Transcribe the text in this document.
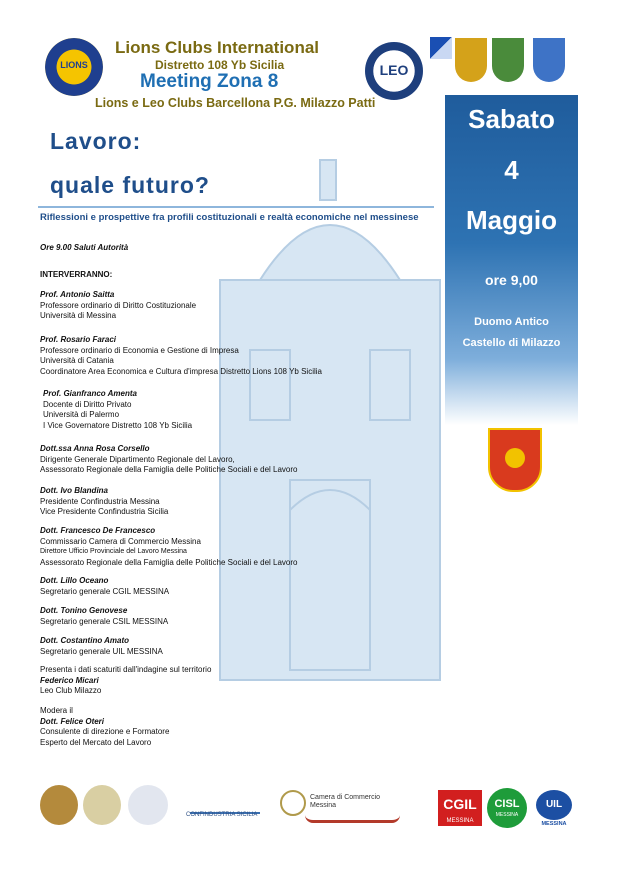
LIONS
Lions Clubs International
Distretto 108 Yb Sicilia
Meeting Zona 8
Lions e Leo Clubs Barcellona P.G. Milazzo Patti
LEO
Lavoro:
quale futuro?
Riflessioni e prospettive fra profili costituzionali e realtà economiche nel messinese
Ore 9.00 Saluti Autorità
INTERVERRANNO:
Prof. Antonio Saitta
Professore ordinario di Diritto Costituzionale
Università di Messina
Prof. Rosario Faraci
Professore ordinario di Economia e Gestione di Impresa
Università di Catania
Coordinatore Area Economica e Cultura d'impresa Distretto Lions 108 Yb Sicilia
Prof. Gianfranco Amenta
Docente di Diritto Privato
Università di Palermo
I Vice Governatore Distretto 108 Yb Sicilia
Dott.ssa Anna Rosa Corsello
Dirigente Generale Dipartimento Regionale del Lavoro,
Assessorato Regionale della Famiglia delle Politiche Sociali e del Lavoro
Dott. Ivo Blandina
Presidente Confindustria Messina
Vice Presidente Confindustria Sicilia
Dott. Francesco De Francesco
Commissario Camera di Commercio Messina
Direttore Ufficio Provinciale del Lavoro Messina
Assessorato Regionale della Famiglia delle Politiche Sociali e del Lavoro
Dott. Lillo Oceano
Segretario generale CGIL MESSINA
Dott. Tonino Genovese
Segretario generale CSIL MESSINA
Dott. Costantino Amato
Segretario generale UIL MESSINA
Presenta i dati scaturiti dall'indagine sul territorio
Federico Micari
Leo Club Milazzo
Modera il
Dott. Felice Oteri
Consulente di direzione e Formatore
Esperto del Mercato del Lavoro
Sabato
4
Maggio
ore 9,00
Duomo Antico
Castello di Milazzo
CONFINDUSTRIA SICILIA
Camera di Commercio
Messina	CGIL
MESSINA
CISL
MESSINA
UIL
MESSINA
